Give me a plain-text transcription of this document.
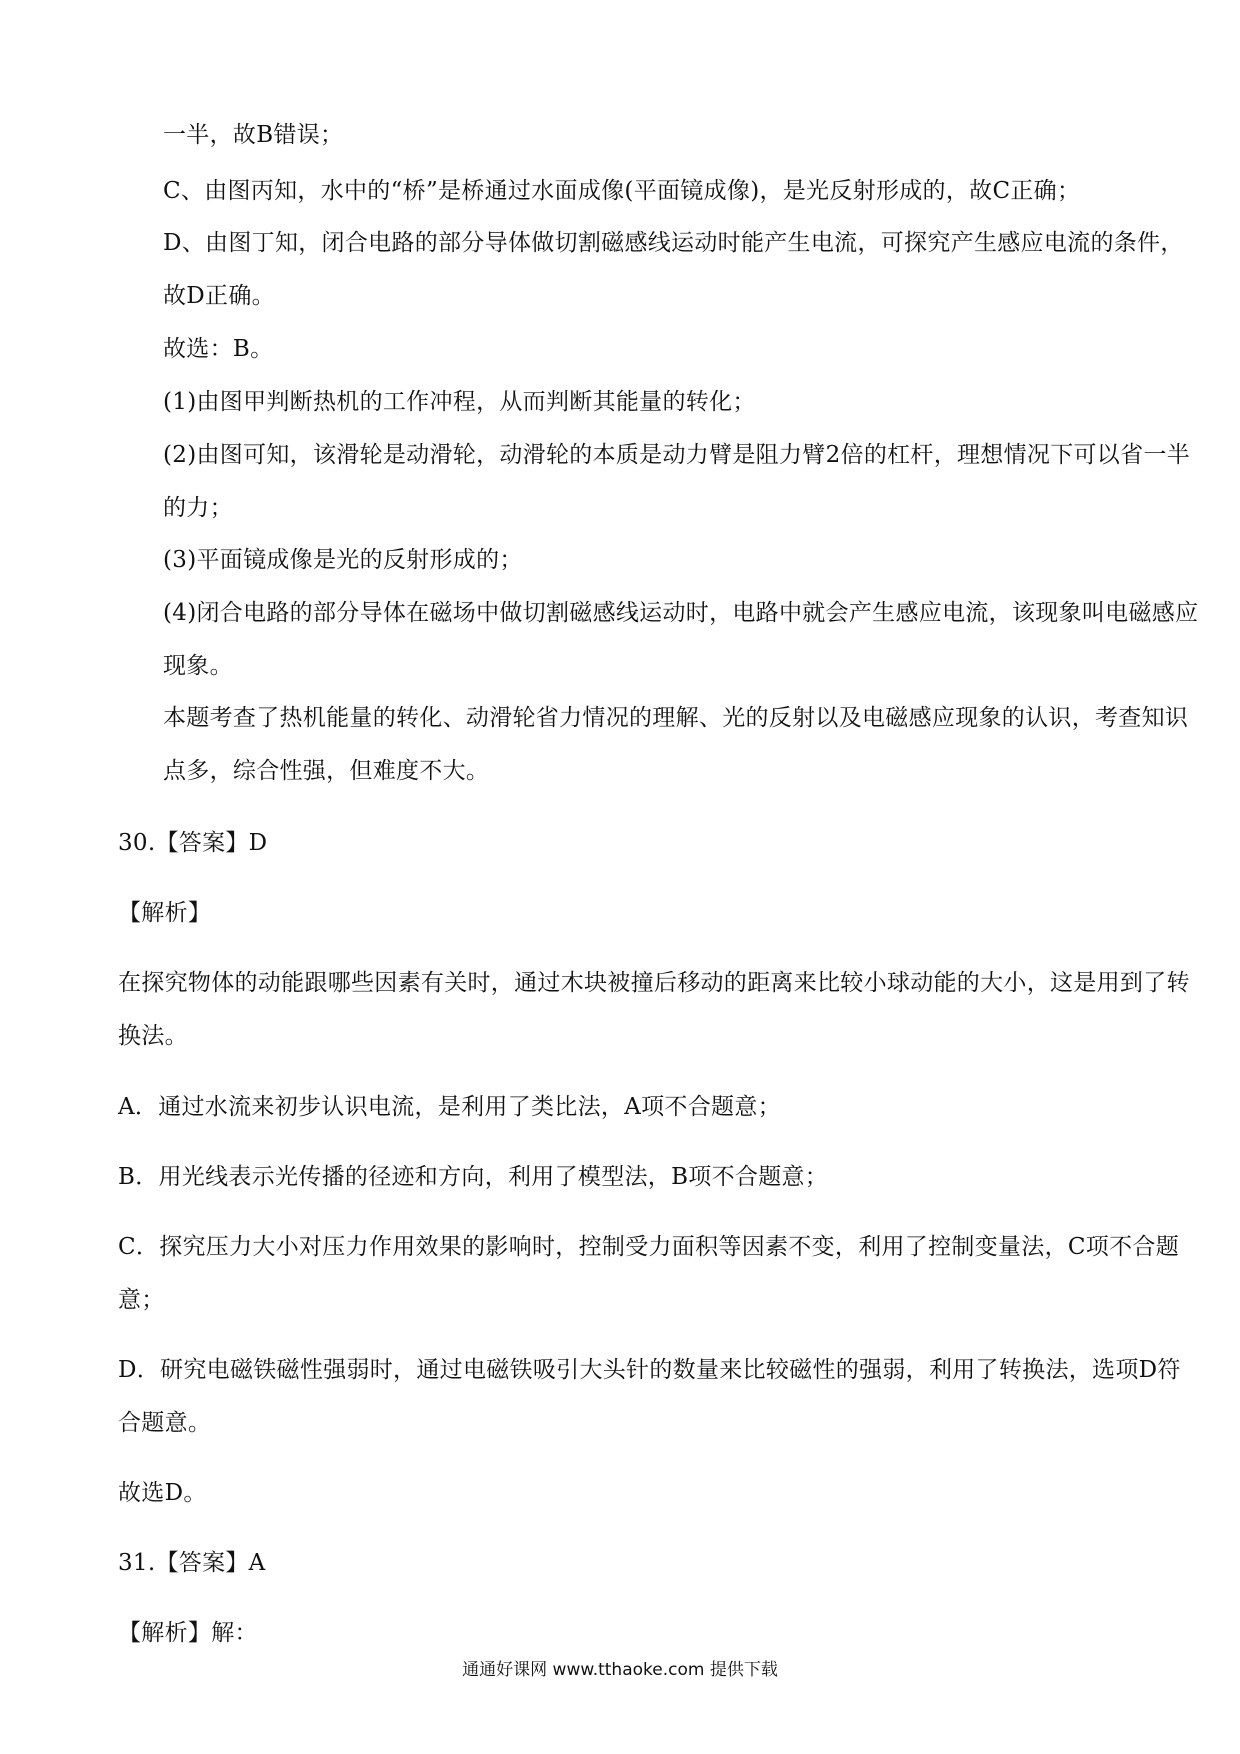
一半，故B错误；
C、由图丙知，水中的“桥”是桥通过水面成像(平面镜成像)，是光反射形成的，故C正确；
D、由图丁知，闭合电路的部分导体做切割磁感线运动时能产生电流，可探究产生感应电流的条件，
故D正确。
故选：B。
(1)由图甲判断热机的工作冲程，从而判断其能量的转化；
(2)由图可知，该滑轮是动滑轮，动滑轮的本质是动力臂是阻力臂2倍的杠杆，理想情况下可以省一半
的力；
(3)平面镜成像是光的反射形成的；
(4)闭合电路的部分导体在磁场中做切割磁感线运动时，电路中就会产生感应电流，该现象叫电磁感应
现象。
本题考查了热机能量的转化、动滑轮省力情况的理解、光的反射以及电磁感应现象的认识，考查知识
点多，综合性强，但难度不大。
30.【答案】D
【解析】
在探究物体的动能跟哪些因素有关时，通过木块被撞后移动的距离来比较小球动能的大小，这是用到了转
换法。
A．通过水流来初步认识电流，是利用了类比法，A项不合题意；
B．用光线表示光传播的径迹和方向，利用了模型法，B项不合题意；
C．探究压力大小对压力作用效果的影响时，控制受力面积等因素不变，利用了控制变量法，C项不合题
意；
D．研究电磁铁磁性强弱时，通过电磁铁吸引大头针的数量来比较磁性的强弱，利用了转换法，选项D符
合题意。
故选D。
31.【答案】A
【解析】解：
通通好课网 www.tthaoke.com 提供下载
